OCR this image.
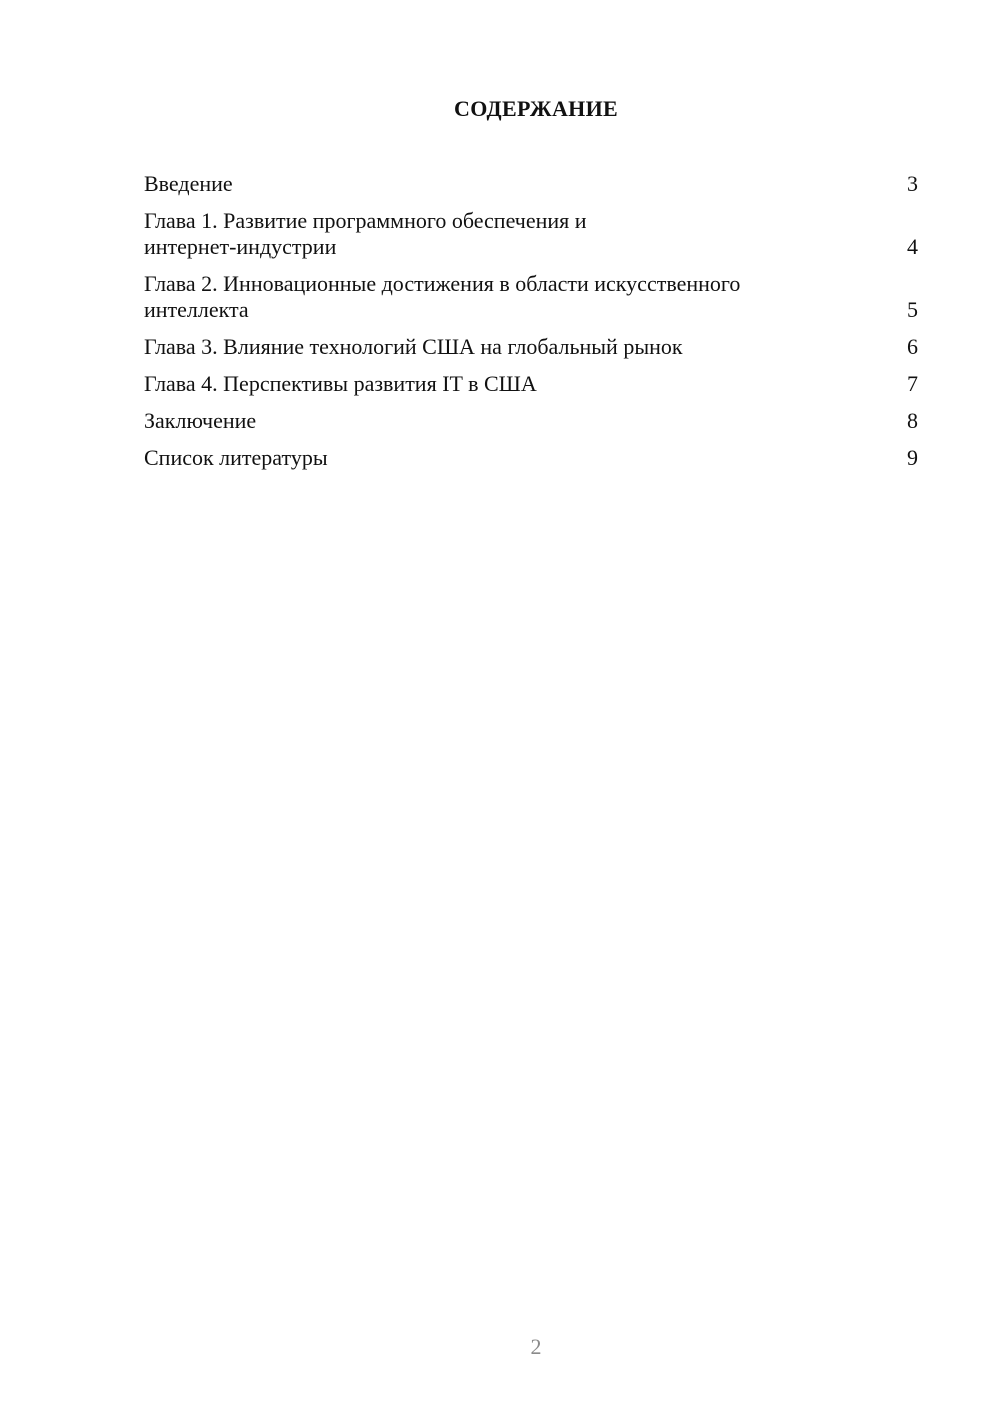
СОДЕРЖАНИЕ
Введение	3
Глава 1. Развитие программного обеспечения и
интернет-индустрии	4
Глава 2. Инновационные достижения в области искусственного
интеллекта	5
Глава 3. Влияние технологий США на глобальный рынок	6
Глава 4. Перспективы развития IT в США	7
Заключение	8
Список литературы	9
2
